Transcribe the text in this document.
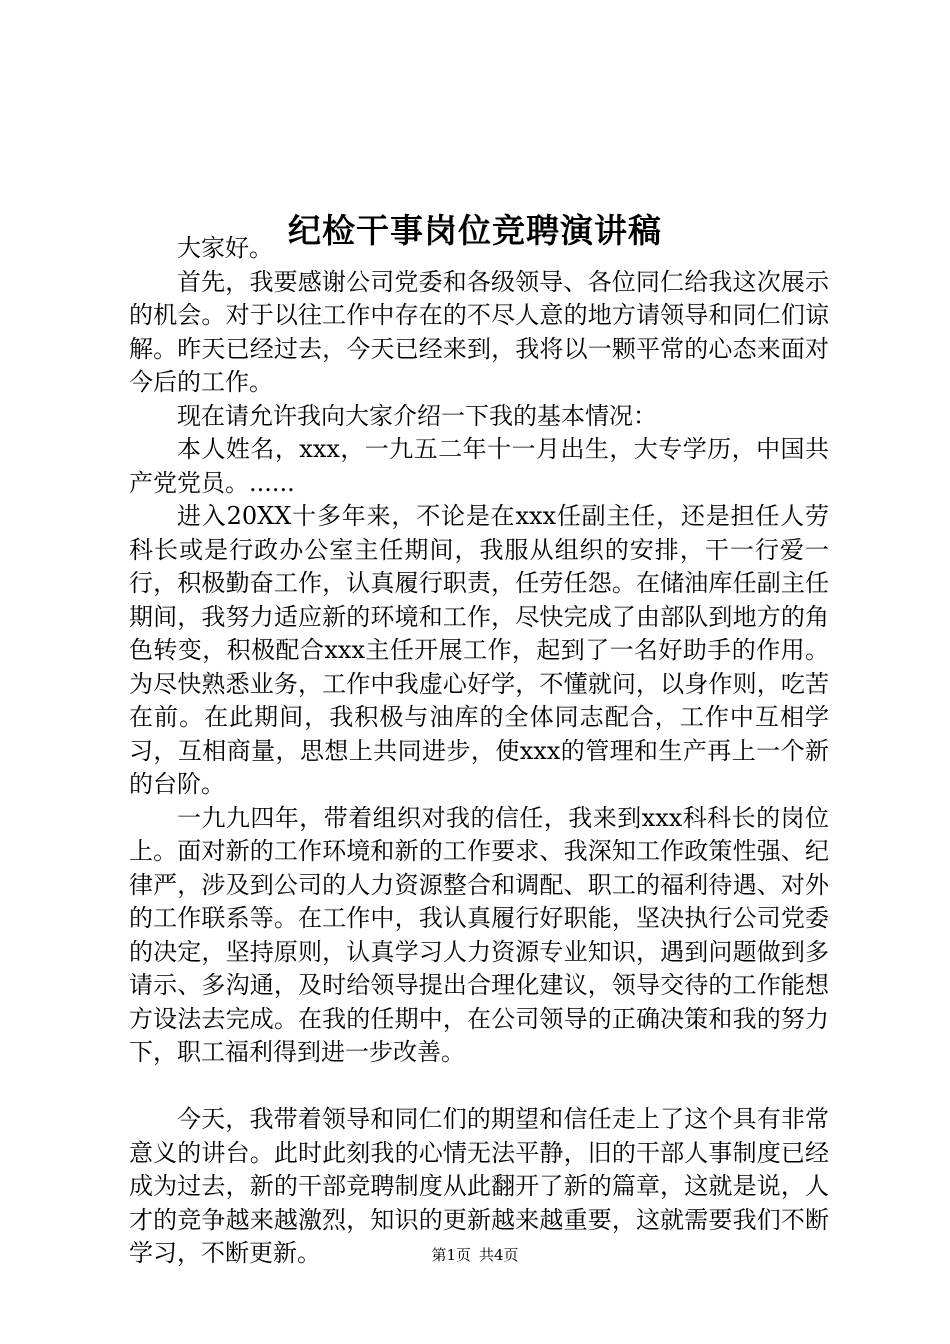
纪检干事岗位竞聘演讲稿

大家好。

首先，我要感谢公司党委和各级领导、各位同仁给我这次展示的机会。对于以往工作中存在的不尽人意的地方请领导和同仁们谅解。昨天已经过去，今天已经来到，我将以一颗平常的心态来面对今后的工作。

现在请允许我向大家介绍一下我的基本情况：

本人姓名，xxx，一九五二年十一月出生，大专学历，中国共产党党员。......

进入20XX十多年来，不论是在xxx任副主任，还是担任人劳科长或是行政办公室主任期间，我服从组织的安排，干一行爱一行，积极勤奋工作，认真履行职责，任劳任怨。在储油库任副主任期间，我努力适应新的环境和工作，尽快完成了由部队到地方的角色转变，积极配合xxx主任开展工作，起到了一名好助手的作用。为尽快熟悉业务，工作中我虚心好学，不懂就问，以身作则，吃苦在前。在此期间，我积极与油库的全体同志配合，工作中互相学习，互相商量，思想上共同进步，使xxx的管理和生产再上一个新的台阶。

一九九四年，带着组织对我的信任，我来到xxx科科长的岗位上。面对新的工作环境和新的工作要求、我深知工作政策性强、纪律严，涉及到公司的人力资源整合和调配、职工的福利待遇、对外的工作联系等。在工作中，我认真履行好职能，坚决执行公司党委的决定，坚持原则，认真学习人力资源专业知识，遇到问题做到多请示、多沟通，及时给领导提出合理化建议，领导交待的工作能想方设法去完成。在我的任期中，在公司领导的正确决策和我的努力下，职工福利得到进一步改善。

今天，我带着领导和同仁们的期望和信任走上了这个具有非常意义的讲台。此时此刻我的心情无法平静，旧的干部人事制度已经成为过去，新的干部竞聘制度从此翻开了新的篇章，这就是说，人才的竞争越来越激烈，知识的更新越来越重要，这就需要我们不断学习，不断更新。	第1页 共4页
